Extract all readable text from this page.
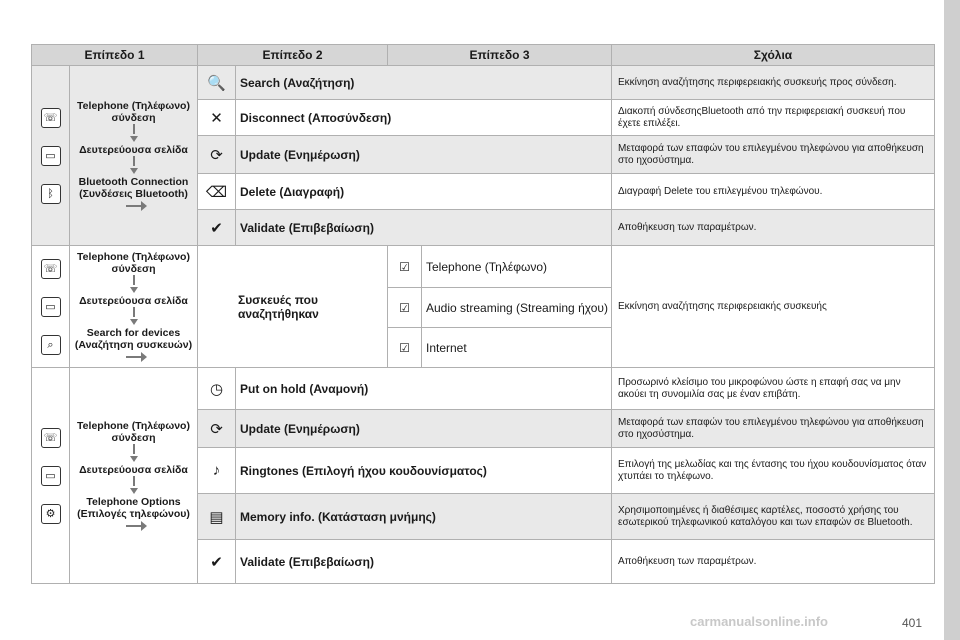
Επίπεδο 1		Επίπεδο 2		Επίπεδο 3		Σχόλια
☏
▭
ᛒ	Telephone (Τηλέφωνο)
σύνδεση
Δευτερεύουσα σελίδα
Bluetooth Connection (Συνδέσεις Bluetooth)	🔍	Search (Αναζήτηση)			Εκκίνηση αναζήτησης περιφερειακής συσκευής προς σύνδεση.
		✕	Disconnect (Αποσύνδεση)			Διακοπή σύνδεσηςBluetooth από την περιφερειακή συσκευή που έχετε επιλέξει.
		⟳	Update (Ενημέρωση)			Μεταφορά των επαφών του επιλεγμένου τηλεφώνου για αποθήκευση στο ηχοσύστημα.
		⌫	Delete (Διαγραφή)			Διαγραφή Delete του επιλεγμένου τηλεφώνου.
		✔	Validate (Επιβεβαίωση)			Αποθήκευση των παραμέτρων.
☏
▭
⌕	Telephone (Τηλέφωνο)
σύνδεση
Δευτερεύουσα σελίδα
Search for devices (Αναζήτηση συσκευών)	Συσκευές που αναζητήθηκαν		☑	Telephone (Τηλέφωνο)	Εκκίνηση αναζήτησης περιφερειακής συσκευής
				☑	Audio streaming (Streaming ήχου)	
				☑	Internet	
☏
▭
⚙	Telephone (Τηλέφωνο)
σύνδεση
Δευτερεύουσα σελίδα
Telephone Options (Επιλογές τηλεφώνου)	◷	Put on hold (Αναμονή)			Προσωρινό κλείσιμο του μικροφώνου ώστε η επαφή σας να μην ακούει τη συνομιλία σας με έναν επιβάτη.
		⟳	Update (Ενημέρωση)			Μεταφορά των επαφών του επιλεγμένου τηλεφώνου για αποθήκευση στο ηχοσύστημα.
		♪	Ringtones (Επιλογή ήχου κουδουνίσματος)			Επιλογή της μελωδίας και της έντασης του ήχου κουδουνίσματος όταν χτυπάει το τηλέφωνο.
		▤	Memory info. (Κατάσταση μνήμης)			Χρησιμοποιημένες ή διαθέσιμες καρτέλες, ποσοστό χρήσης του εσωτερικού τηλεφωνικού καταλόγου και των επαφών σε Bluetooth.
		✔	Validate (Επιβεβαίωση)			Αποθήκευση των παραμέτρων.
carmanualsonline.info	401
